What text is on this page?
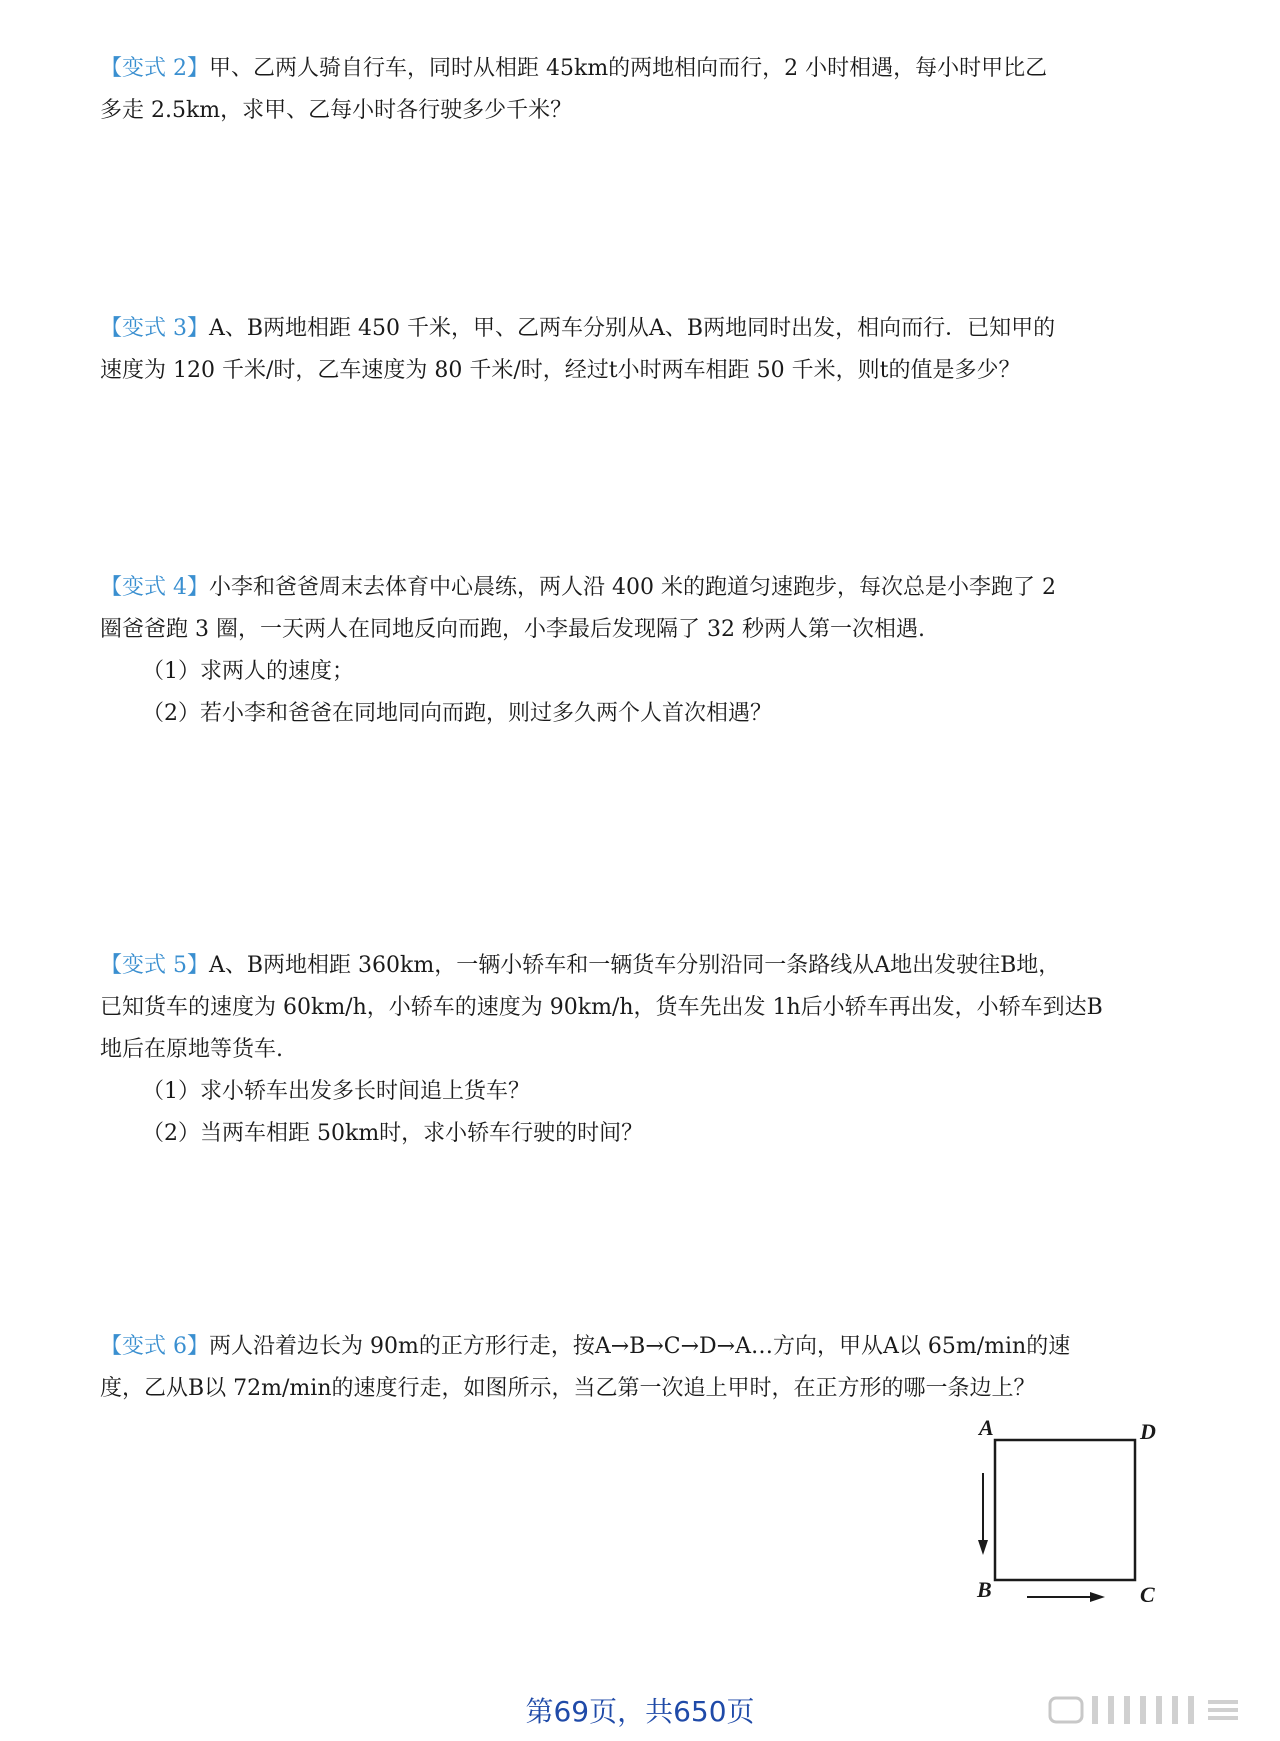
【变式 2】甲、乙两人骑自行车，同时从相距 45km的两地相向而行，2 小时相遇，每小时甲比乙
多走 2.5km，求甲、乙每小时各行驶多少千米？
【变式 3】A、B两地相距 450 千米，甲、乙两车分别从A、B两地同时出发，相向而行．已知甲的
速度为 120 千米/时，乙车速度为 80 千米/时，经过t小时两车相距 50 千米，则t的值是多少？
【变式 4】小李和爸爸周末去体育中心晨练，两人沿 400 米的跑道匀速跑步，每次总是小李跑了 2
圈爸爸跑 3 圈，一天两人在同地反向而跑，小李最后发现隔了 32 秒两人第一次相遇.
（1）求两人的速度；
（2）若小李和爸爸在同地同向而跑，则过多久两个人首次相遇？
【变式 5】A、B两地相距 360km，一辆小轿车和一辆货车分别沿同一条路线从A地出发驶往B地，
已知货车的速度为 60km/h，小轿车的速度为 90km/h，货车先出发 1h后小轿车再出发，小轿车到达B
地后在原地等货车.
（1）求小轿车出发多长时间追上货车？
（2）当两车相距 50km时，求小轿车行驶的时间？
【变式 6】两人沿着边长为 90m的正方形行走，按A→B→C→D→A…方向，甲从A以 65m/min的速
度，乙从B以 72m/min的速度行走，如图所示，当乙第一次追上甲时，在正方形的哪一条边上？
A	D
B	C
第69页，共650页
